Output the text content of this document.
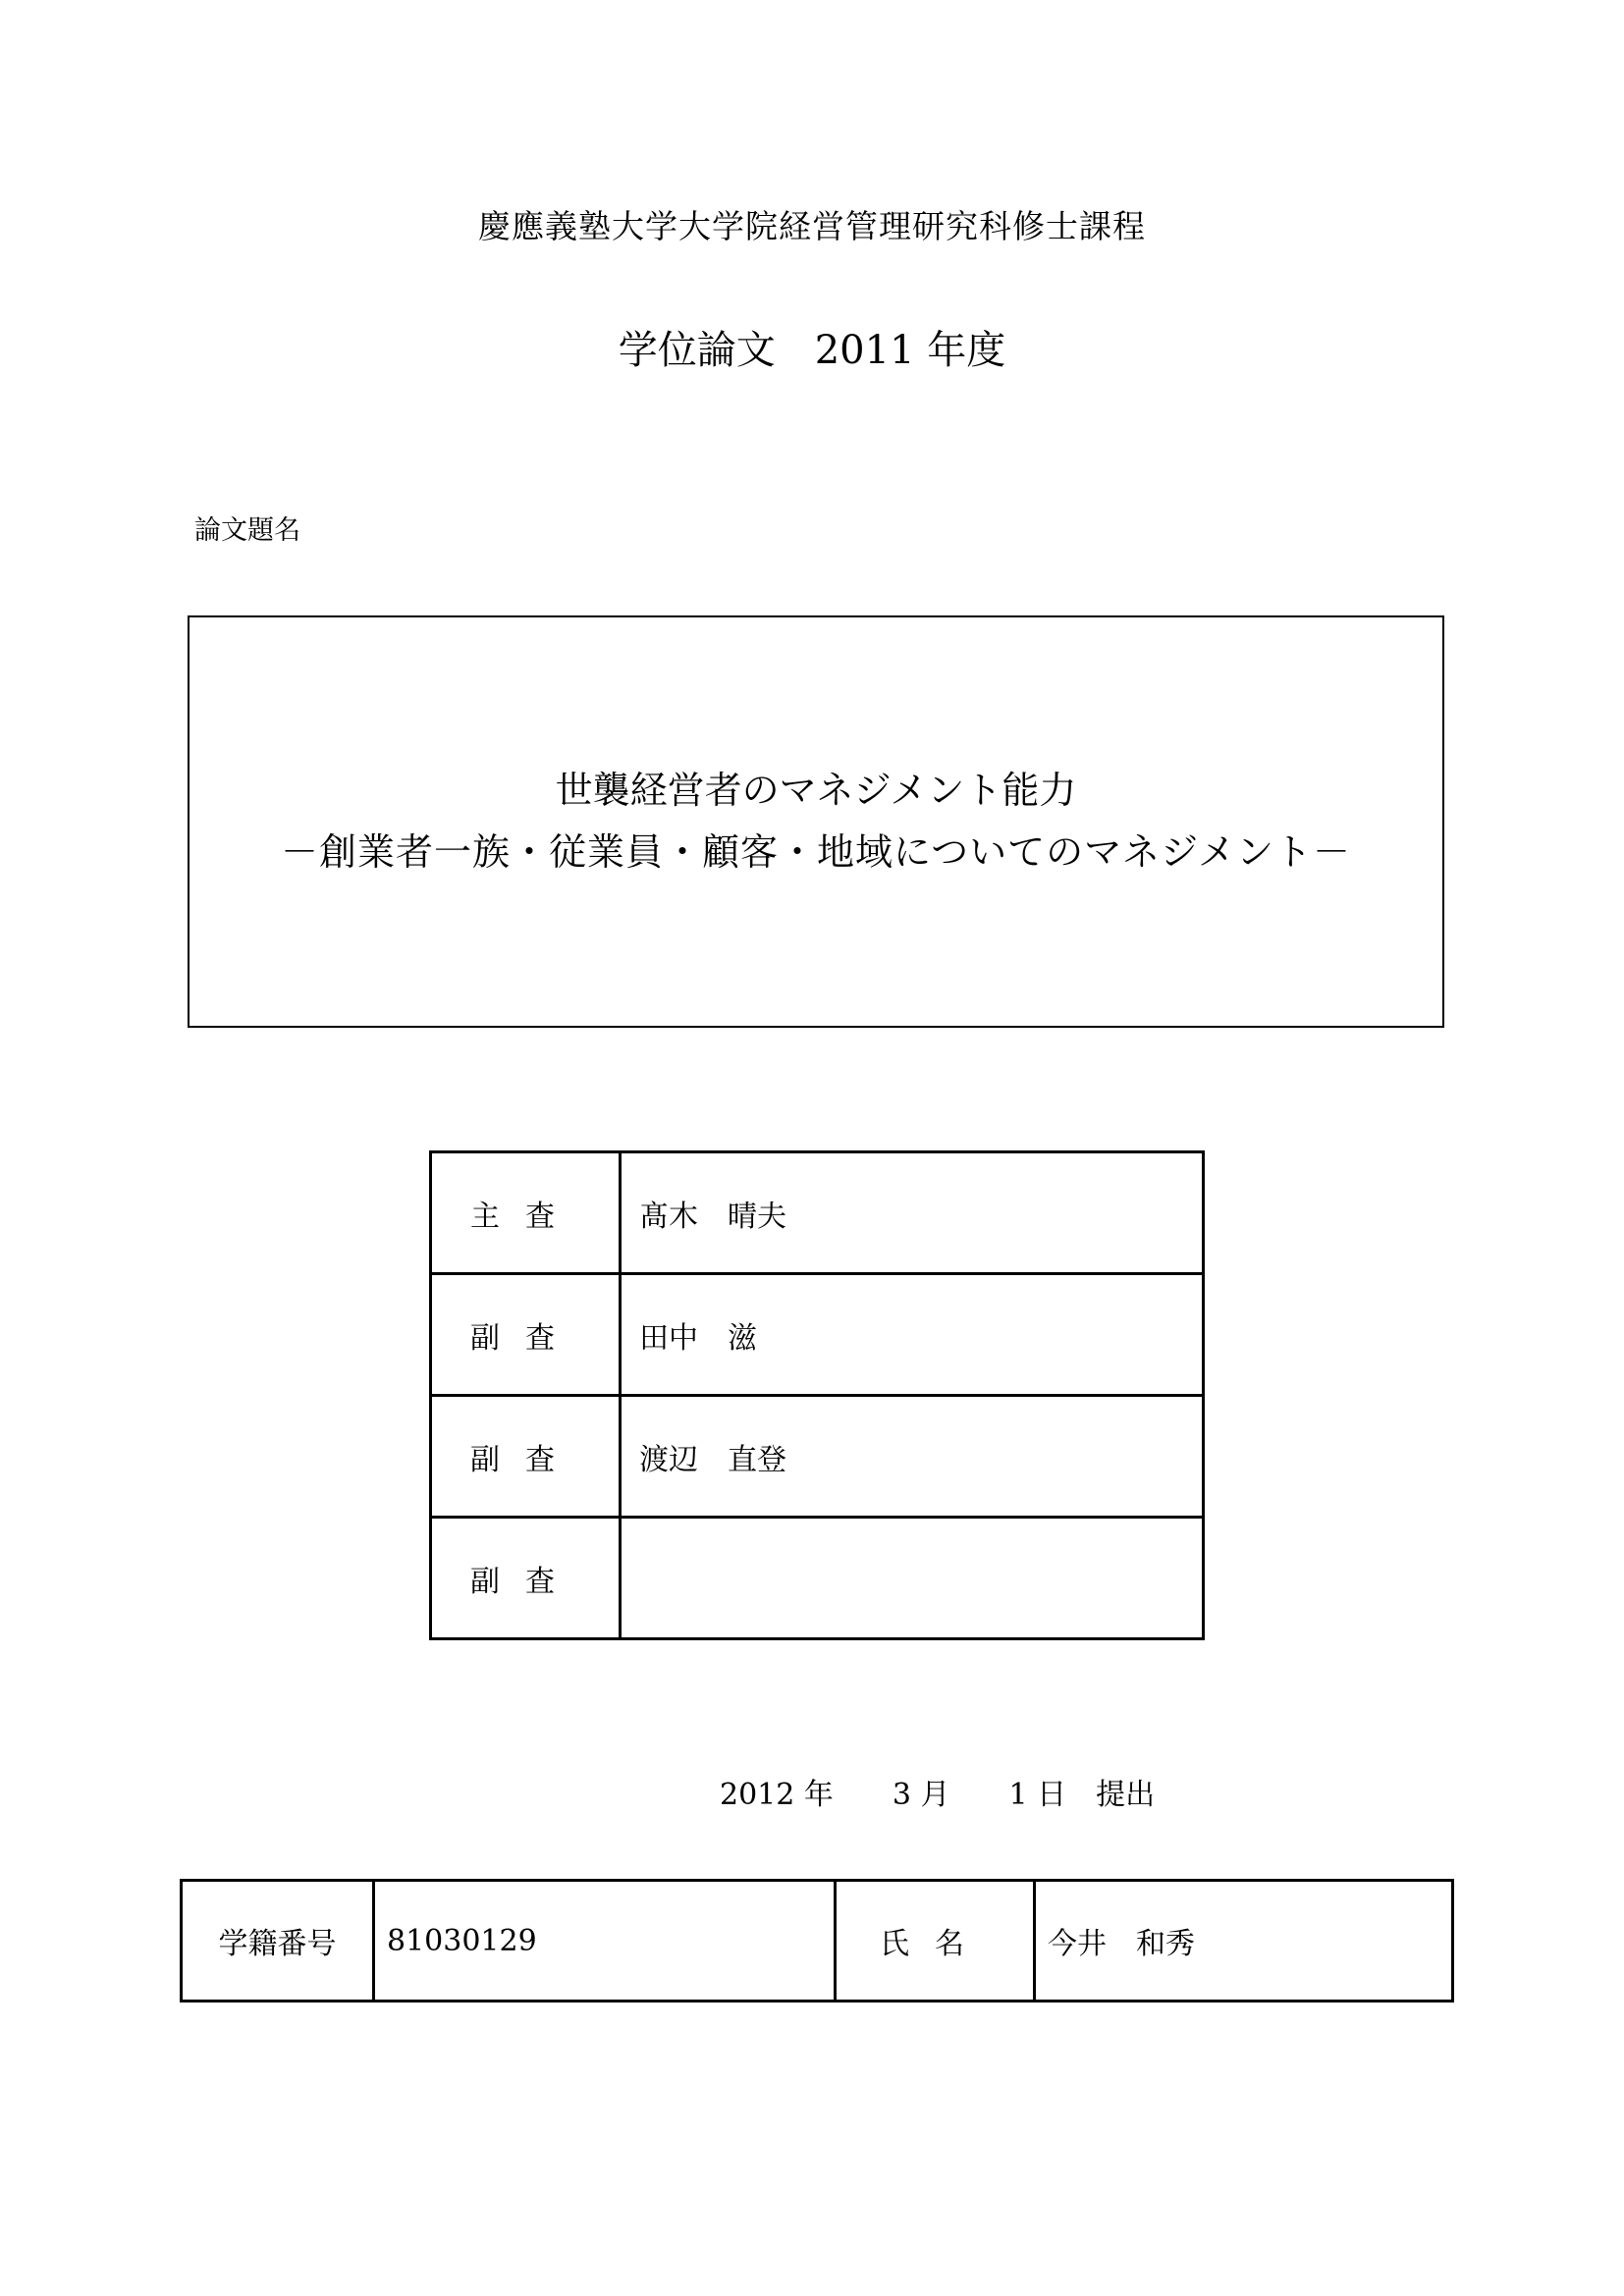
慶應義塾大学大学院経営管理研究科修士課程
学位論文 2011 年度
論文題名
世襲経営者のマネジメント能力
－創業者一族・従業員・顧客・地域についてのマネジメント－
主査	髙木　晴夫
副査	田中　滋
副査	渡辺　直登
副査	
2012 年　　3 月　　1 日　提出
学籍番号	81030129	氏名	今井　和秀
